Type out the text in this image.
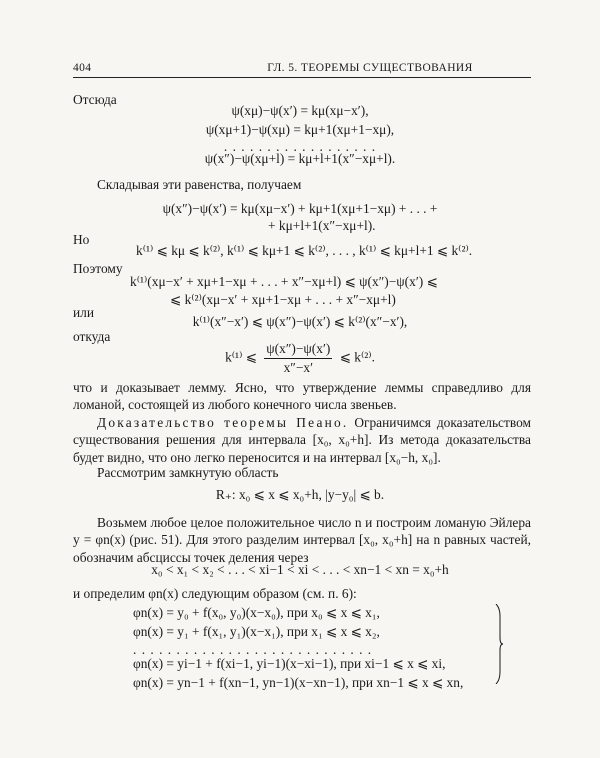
404	ГЛ. 5. ТЕОРЕМЫ СУЩЕСТВОВАНИЯ
Отсюда
ψ(xμ)−ψ(x′) = kμ(xμ−x′),
ψ(xμ+1)−ψ(xμ) = kμ+1(xμ+1−xμ),
. . . . . . . . . . . . . . . . . .
ψ(x″)−ψ(xμ+l) = kμ+l+1(x″−xμ+l).
Складывая эти равенства, получаем
ψ(x″)−ψ(x′) = kμ(xμ−x′) + kμ+1(xμ+1−xμ) + . . . +
+ kμ+l+1(x″−xμ+l).
Но
k⁽¹⁾ ⩽ kμ ⩽ k⁽²⁾, k⁽¹⁾ ⩽ kμ+1 ⩽ k⁽²⁾, . . . , k⁽¹⁾ ⩽ kμ+l+1 ⩽ k⁽²⁾.
Поэтому
k⁽¹⁾(xμ−x′ + xμ+1−xμ + . . . + x″−xμ+l) ⩽ ψ(x″)−ψ(x′) ⩽
⩽ k⁽²⁾(xμ−x′ + xμ+1−xμ + . . . + x″−xμ+l)
или
k⁽¹⁾(x″−x′) ⩽ ψ(x″)−ψ(x′) ⩽ k⁽²⁾(x″−x′),
откуда
k⁽¹⁾ ⩽ $\frac{\psi(x'')-\psi(x')}{x''-x'}$ ⩽ k⁽²⁾.
что и доказывает лемму. Ясно, что утверждение леммы справедливо для ломаной, состоящей из любого конечного числа звеньев.
Доказательство теоремы Пеано. Ограничимся доказательством существования решения для интервала [x₀, x₀+h]. Из метода доказательства будет видно, что оно легко переносится и на интервал [x₀−h, x₀].
Рассмотрим замкнутую область
R₊: x₀ ⩽ x ⩽ x₀+h, |y−y₀| ⩽ b.
Возьмем любое целое положительное число n и построим ломаную Эйлера y = φn(x) (рис. 51). Для этого разделим интервал [x₀, x₀+h] на n равных частей, обозначим абсциссы точек деления через
x₀ < x₁ < x₂ < . . . < xi−1 < xi < . . . < xn−1 < xn = x₀+h
и определим φn(x) следующим образом (см. п. 6):
φn(x) = y₀ + f(x₀, y₀)(x−x₀), при x₀ ⩽ x ⩽ x₁,
φn(x) = y₁ + f(x₁, y₁)(x−x₁), при x₁ ⩽ x ⩽ x₂,
. . . . . . . . . . . . . . . . . . . . . . . . . . . .
φn(x) = yi−1 + f(xi−1, yi−1)(x−xi−1), при xi−1 ⩽ x ⩽ xi,
φn(x) = yn−1 + f(xn−1, yn−1)(x−xn−1), при xn−1 ⩽ x ⩽ xn,
